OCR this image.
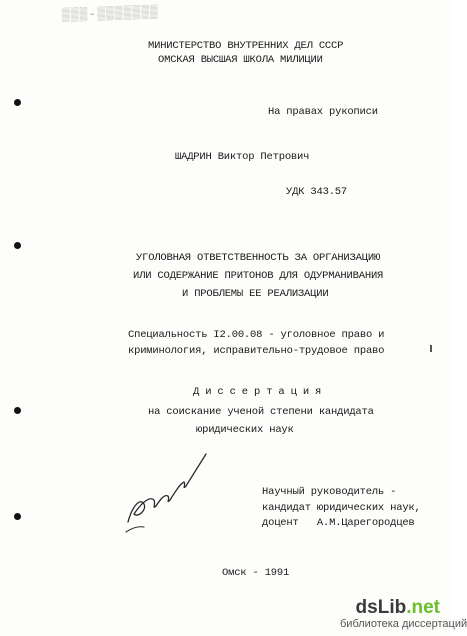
▒▒▒-▒▒▒▒▒▒▒
МИНИСТЕРСТВО ВНУТРЕННИХ ДЕЛ СССР
ОМСКАЯ ВЫСШАЯ ШКОЛА МИЛИЦИИ
На правах рукописи
ШАДРИН Виктор Петрович
УДК 343.57
УГОЛОВНАЯ ОТВЕТСТВЕННОСТЬ ЗА ОРГАНИЗАЦИЮ
ИЛИ СОДЕРЖАНИЕ ПРИТОНОВ ДЛЯ ОДУРМАНИВАНИЯ
И ПРОБЛЕМЫ ЕЕ РЕАЛИЗАЦИИ
Специальность I2.00.08 - уголовное право и
криминология, исправительно-трудовое право
Д и с с е р т а ц и я
на соискание ученой степени кандидата
юридических наук
Научный руководитель -
кандидат юридических наук,
доцент   А.М.Царегородцев
Омск - 1991
dsLib.net
библиотека диссертаций
